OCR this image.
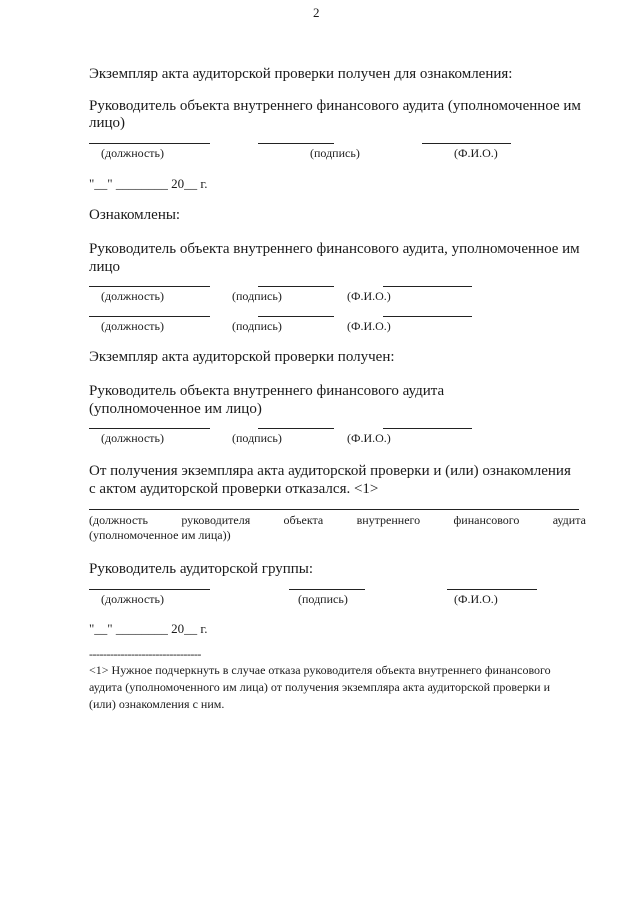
2
Экземпляр акта аудиторской проверки получен для ознакомления:
Руководитель объекта внутреннего финансового аудита (уполномоченное им
лицо)
(должность)	(подпись)	(Ф.И.О.)
"__" ________ 20__ г.
Ознакомлены:
Руководитель объекта внутреннего финансового аудита, уполномоченное им
лицо
(должность)	(подпись)	(Ф.И.О.)
(должность)	(подпись)	(Ф.И.О.)
Экземпляр акта аудиторской проверки получен:
Руководитель объекта внутреннего финансового аудита
(уполномоченное им лицо)
(должность)	(подпись)	(Ф.И.О.)
От получения экземпляра акта аудиторской проверки и (или) ознакомления
с актом аудиторской проверки отказался. <1>
(должность	руководителя	объекта	внутреннего	финансового	аудита
(уполномоченное им лица))
Руководитель аудиторской группы:
(должность)	(подпись)	(Ф.И.О.)
"__" ________ 20__ г.
--------------------------------
<1> Нужное подчеркнуть в случае отказа руководителя объекта внутреннего финансового
аудита (уполномоченного им лица) от получения экземпляра акта аудиторской проверки и
(или) ознакомления с ним.
